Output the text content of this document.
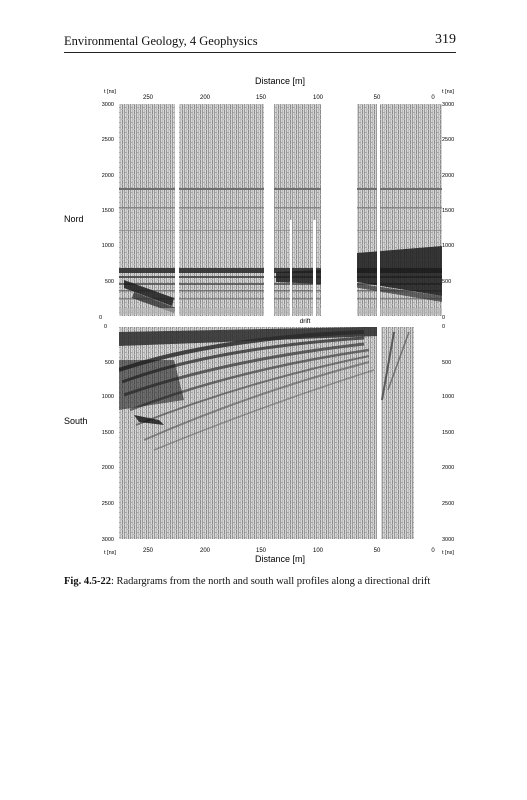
Environmental Geology, 4 Geophysics	319
Distance [m]
250	200	150	100	50	0
t [ns]	t [ns]
3000
2500
2000
1500
1000
500
0
3000
2500
2000
1500
1000
500
0
Nord
drift
0
500
1000
1500
2000
2500
3000
0
500
1000
1500
2000
2500
3000
South
250	200	150	100	50	0
t [ns]	t [ns]
Distance [m]
Fig. 4.5-22: Radargrams from the north and south wall profiles along a directional drift
